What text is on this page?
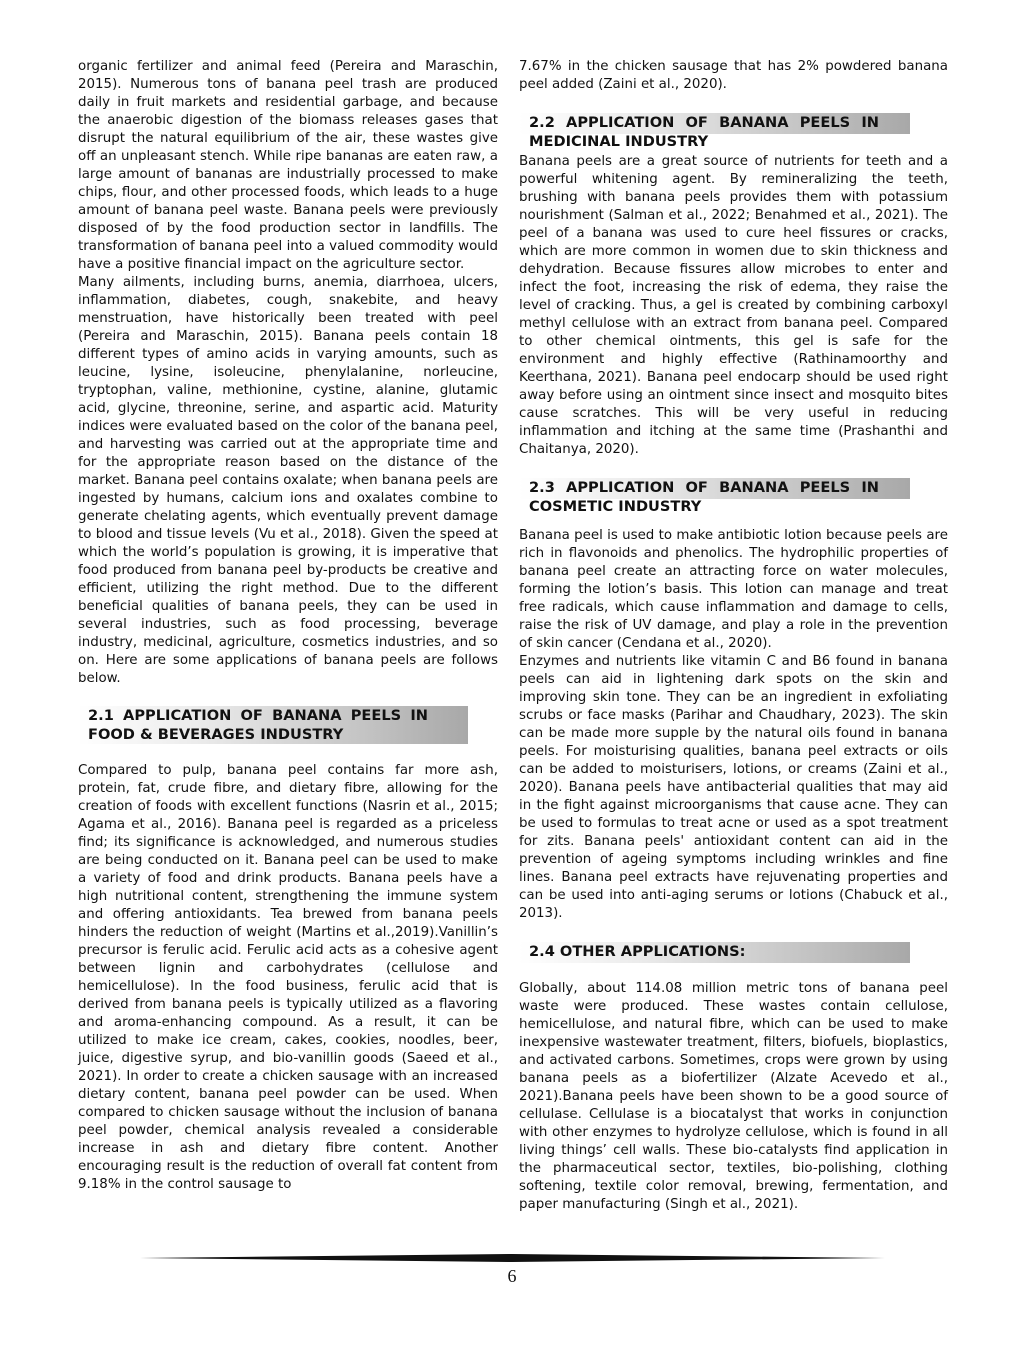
organic fertilizer and animal feed (Pereira and Maraschin, 2015). Numerous tons of banana peel trash are produced daily in fruit markets and residential garbage, and because the anaerobic digestion of the biomass releases gases that disrupt the natural equilibrium of the air, these wastes give off an unpleasant stench. While ripe bananas are eaten raw, a large amount of bananas are industrially processed to make chips, flour, and other processed foods, which leads to a huge amount of banana peel waste. Banana peels were previously disposed of by the food production sector in landfills. The transformation of banana peel into a valued commodity would have a positive financial impact on the agriculture sector.

Many ailments, including burns, anemia, diarrhoea, ulcers, inflammation, diabetes, cough, snakebite, and heavy menstruation, have historically been treated with peel (Pereira and Maraschin, 2015). Banana peels contain 18 different types of amino acids in varying amounts, such as leucine, lysine, isoleucine, phenylalanine, norleucine, tryptophan, valine, methionine, cystine, alanine, glutamic acid, glycine, threonine, serine, and aspartic acid. Maturity indices were evaluated based on the color of the banana peel, and harvesting was carried out at the appropriate time and for the appropriate reason based on the distance of the market. Banana peel contains oxalate; when banana peels are ingested by humans, calcium ions and oxalates combine to generate chelating agents, which eventually prevent damage to blood and tissue levels (Vu et al., 2018). Given the speed at which the world’s population is growing, it is imperative that food produced from banana peel by-products be creative and efficient, utilizing the right method. Due to the different beneficial qualities of banana peels, they can be used in several industries, such as food processing, beverage industry, medicinal, agriculture, cosmetics industries, and so on. Here are some applications of banana peels are follows below.

2.1 APPLICATION OF BANANA PEELS IN FOOD & BEVERAGES INDUSTRY

Compared to pulp, banana peel contains far more ash, protein, fat, crude fibre, and dietary fibre, allowing for the creation of foods with excellent functions (Nasrin et al., 2015; Agama et al., 2016). Banana peel is regarded as a priceless find; its significance is acknowledged, and numerous studies are being conducted on it. Banana peel can be used to make a variety of food and drink products. Banana peels have a high nutritional content, strengthening the immune system and offering antioxidants. Tea brewed from banana peels hinders the reduction of weight (Martins et al.,2019).Vanillin’s precursor is ferulic acid. Ferulic acid acts as a cohesive agent between lignin and carbohydrates (cellulose and hemicellulose). In the food business, ferulic acid that is derived from banana peels is typically utilized as a flavoring and aroma-enhancing compound. As a result, it can be utilized to make ice cream, cakes, cookies, noodles, beer, juice, digestive syrup, and bio-vanillin goods (Saeed et al., 2021). In order to create a chicken sausage with an increased dietary content, banana peel powder can be used. When compared to chicken sausage without the inclusion of banana peel powder, chemical analysis revealed a considerable increase in ash and dietary fibre content. Another encouraging result is the reduction of overall fat content from 9.18% in the control sausage to

7.67% in the chicken sausage that has 2% powdered banana peel added (Zaini et al., 2020).

2.2 APPLICATION OF BANANA PEELS IN MEDICINAL INDUSTRY

Banana peels are a great source of nutrients for teeth and a powerful whitening agent. By remineralizing the teeth, brushing with banana peels provides them with potassium nourishment (Salman et al., 2022; Benahmed et al., 2021). The peel of a banana was used to cure heel fissures or cracks, which are more common in women due to skin thickness and dehydration. Because fissures allow microbes to enter and infect the foot, increasing the risk of edema, they raise the level of cracking. Thus, a gel is created by combining carboxyl methyl cellulose with an extract from banana peel. Compared to other chemical ointments, this gel is safe for the environment and highly effective (Rathinamoorthy and Keerthana, 2021). Banana peel endocarp should be used right away before using an ointment since insect and mosquito bites cause scratches. This will be very useful in reducing inflammation and itching at the same time (Prashanthi and Chaitanya, 2020).

2.3 APPLICATION OF BANANA PEELS IN COSMETIC INDUSTRY

Banana peel is used to make antibiotic lotion because peels are rich in flavonoids and phenolics. The hydrophilic properties of banana peel create an attracting force on water molecules, forming the lotion’s basis. This lotion can manage and treat free radicals, which cause inflammation and damage to cells, raise the risk of UV damage, and play a role in the prevention of skin cancer (Cendana et al., 2020).

Enzymes and nutrients like vitamin C and B6 found in banana peels can aid in lightening dark spots on the skin and improving skin tone. They can be an ingredient in exfoliating scrubs or face masks (Parihar and Chaudhary, 2023). The skin can be made more supple by the natural oils found in banana peels. For moisturising qualities, banana peel extracts or oils can be added to moisturisers, lotions, or creams (Zaini et al., 2020). Banana peels have antibacterial qualities that may aid in the fight against microorganisms that cause acne. They can be used to formulas to treat acne or used as a spot treatment for zits. Banana peels' antioxidant content can aid in the prevention of ageing symptoms including wrinkles and fine lines. Banana peel extracts have rejuvenating properties and can be used into anti-aging serums or lotions (Chabuck et al., 2013).

2.4 OTHER APPLICATIONS:

Globally, about 114.08 million metric tons of banana peel waste were produced. These wastes contain cellulose, hemicellulose, and natural fibre, which can be used to make inexpensive wastewater treatment, filters, biofuels, bioplastics, and activated carbons. Sometimes, crops were grown by using banana peels as a biofertilizer (Alzate Acevedo et al., 2021).Banana peels have been shown to be a good source of cellulase. Cellulase is a biocatalyst that works in conjunction with other enzymes to hydrolyze cellulose, which is found in all living things’ cell walls. These bio-catalysts find application in the pharmaceutical sector, textiles, bio-polishing, clothing softening, textile color removal, brewing, fermentation, and paper manufacturing (Singh et al., 2021).

6
